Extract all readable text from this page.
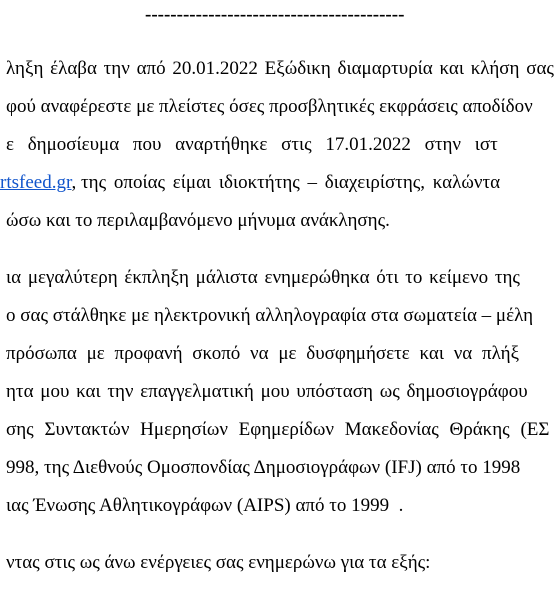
-----------------------------------------
ληξη έλαβα την από 20.01.2022 Εξώδικη διαμαρτυρία και κλήση σας
φού αναφέρεστε με πλείστες όσες προσβλητικές εκφράσεις αποδίδον
ε δημοσίευμα που αναρτήθηκε στις 17.01.2022 στην ιστ
rtsfeed.gr, της οποίας είμαι ιδιοκτήτης – διαχειρίστης, καλώντα
ώσω και το περιλαμβανόμενο μήνυμα ανάκλησης.
ια μεγαλύτερη έκπληξη μάλιστα ενημερώθηκα ότι το κείμενο της
ο σας στάλθηκε με ηλεκτρονική αλληλογραφία στα σωματεία – μέλη
πρόσωπα με προφανή σκοπό να με δυσφημήσετε και να πλήξ
ητα μου και την επαγγελματική μου υπόσταση ως δημοσιογράφου
σης Συντακτών Ημερησίων Εφημερίδων Μακεδονίας Θράκης (ΕΣ
998, της Διεθνούς Ομοσπονδίας Δημοσιογράφων (IFJ) από το 1998
ιας Ένωσης Αθλητικογράφων (AIPS) από το 1999  .
ντας στις ως άνω ενέργειες σας ενημερώνω για τα εξής:
